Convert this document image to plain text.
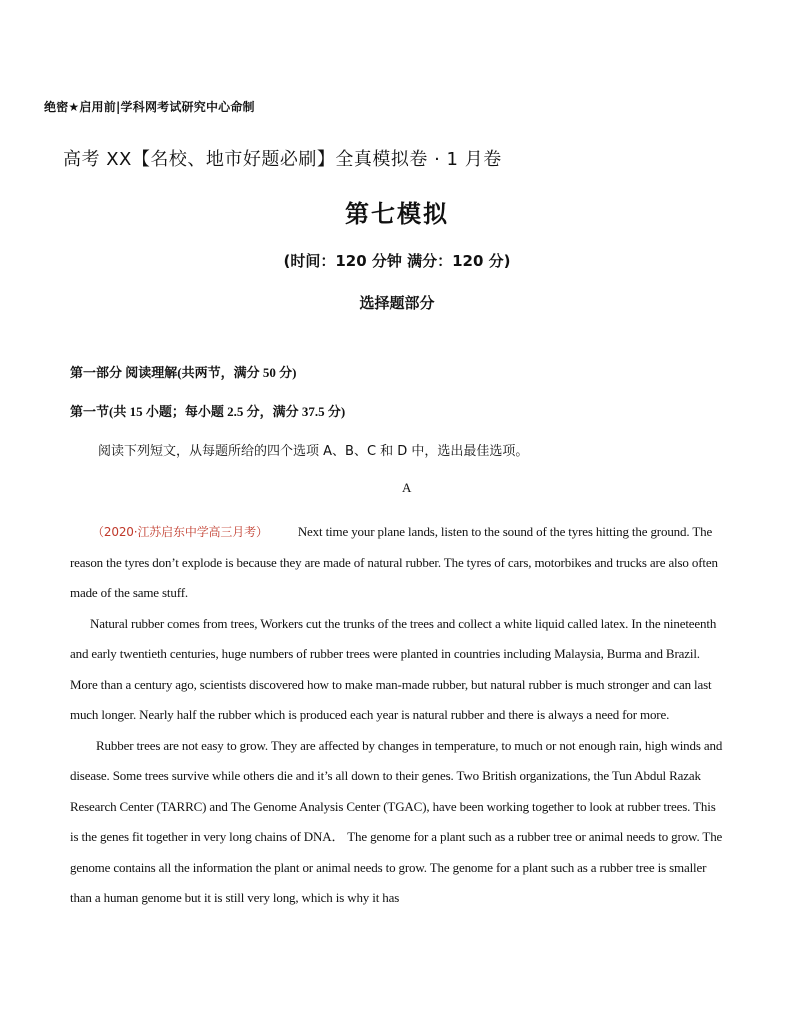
绝密★启用前|学科网考试研究中心命制
高考 XX【名校、地市好题必刷】全真模拟卷 · 1 月卷
第七模拟
(时间：120 分钟 满分：120 分)
选择题部分
第一部分 阅读理解(共两节，满分 50 分)
第一节(共 15 小题；每小题 2.5 分，满分 37.5 分)
阅读下列短文，从每题所给的四个选项 A、B、C 和 D 中，选出最佳选项。
A

（2020·江苏启东中学高三月考） Next time your plane lands, listen to the sound of the tyres hitting the ground. The reason the tyres don’t explode is because they are made of natural rubber. The tyres of cars, motorbikes and trucks are also often made of the same stuff.

Natural rubber comes from trees, Workers cut the trunks of the trees and collect a white liquid called latex. In the nineteenth and early twentieth centuries, huge numbers of rubber trees were planted in countries including Malaysia, Burma and Brazil. More than a century ago, scientists discovered how to make man-made rubber, but natural rubber is much stronger and can last much longer. Nearly half the rubber which is produced each year is natural rubber and there is always a need for more.

Rubber trees are not easy to grow. They are affected by changes in temperature, to much or not enough rain, high winds and disease. Some trees survive while others die and it’s all down to their genes. Two British organizations, the Tun Abdul Razak Research Center (TARRC) and The Genome Analysis Center (TGAC), have been working together to look at rubber trees. This is the genes fit together in very long chains of DNA． The genome for a plant such as a rubber tree or animal needs to grow. The genome contains all the information the plant or animal needs to grow. The genome for a plant such as a rubber tree is smaller than a human genome but it is still very long, which is why it has
